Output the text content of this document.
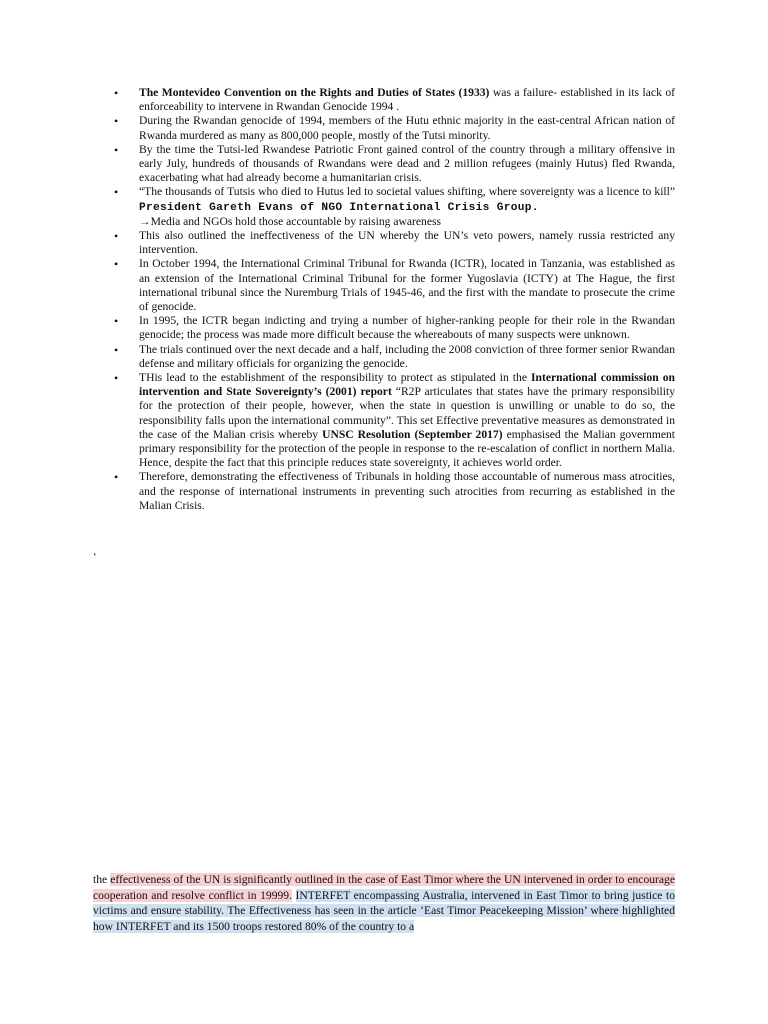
• The Montevideo Convention on the Rights and Duties of States (1933) was a failure- established in its lack of enforceability to intervene in Rwandan Genocide 1994 .
• During the Rwandan genocide of 1994, members of the Hutu ethnic majority in the east-central African nation of Rwanda murdered as many as 800,000 people, mostly of the Tutsi minority.
• By the time the Tutsi-led Rwandese Patriotic Front gained control of the country through a military offensive in early July, hundreds of thousands of Rwandans were dead and 2 million refugees (mainly Hutus) fled Rwanda, exacerbating what had already become a humanitarian crisis.
• “The thousands of Tutsis who died to Hutus led to societal values shifting, where sovereignty was a licence to kill” President Gareth Evans of NGO International Crisis Group.
→Media and NGOs hold those accountable by raising awareness
• This also outlined the ineffectiveness of the UN whereby the UN’s veto powers, namely russia restricted any intervention.
• In October 1994, the International Criminal Tribunal for Rwanda (ICTR), located in Tanzania, was established as an extension of the International Criminal Tribunal for the former Yugoslavia (ICTY) at The Hague, the first international tribunal since the Nuremburg Trials of 1945-46, and the first with the mandate to prosecute the crime of genocide.
• In 1995, the ICTR began indicting and trying a number of higher-ranking people for their role in the Rwandan genocide; the process was made more difficult because the whereabouts of many suspects were unknown.
• The trials continued over the next decade and a half, including the 2008 conviction of three former senior Rwandan defense and military officials for organizing the genocide.
• THis lead to the establishment of the responsibility to protect as stipulated in the International commission on intervention and State Sovereignty’s (2001) report “R2P articulates that states have the primary responsibility for the protection of their people, however, when the state in question is unwilling or unable to do so, the responsibility falls upon the international community”. This set Effective preventative measures as demonstrated in the case of the Malian crisis whereby UNSC Resolution (September 2017) emphasised the Malian government primary responsibility for the protection of the people in response to the re-escalation of conflict in northern Malia. Hence, despite the fact that this principle reduces state sovereignty, it achieves world order.
• Therefore, demonstrating the effectiveness of Tribunals in holding those accountable of numerous mass atrocities, and the response of international instruments in preventing such atrocities from recurring as established in the Malian Crisis.
‘

the effectiveness of the UN is significantly outlined in the case of East Timor where the UN intervened in order to encourage cooperation and resolve conflict in 19999. INTERFET encompassing Australia, intervened in East Timor to bring justice to victims and ensure stability. The Effectiveness has seen in the article ‘East Timor Peacekeeping Mission’ where highlighted how INTERFET and its 1500 troops restored 80% of the country to a
